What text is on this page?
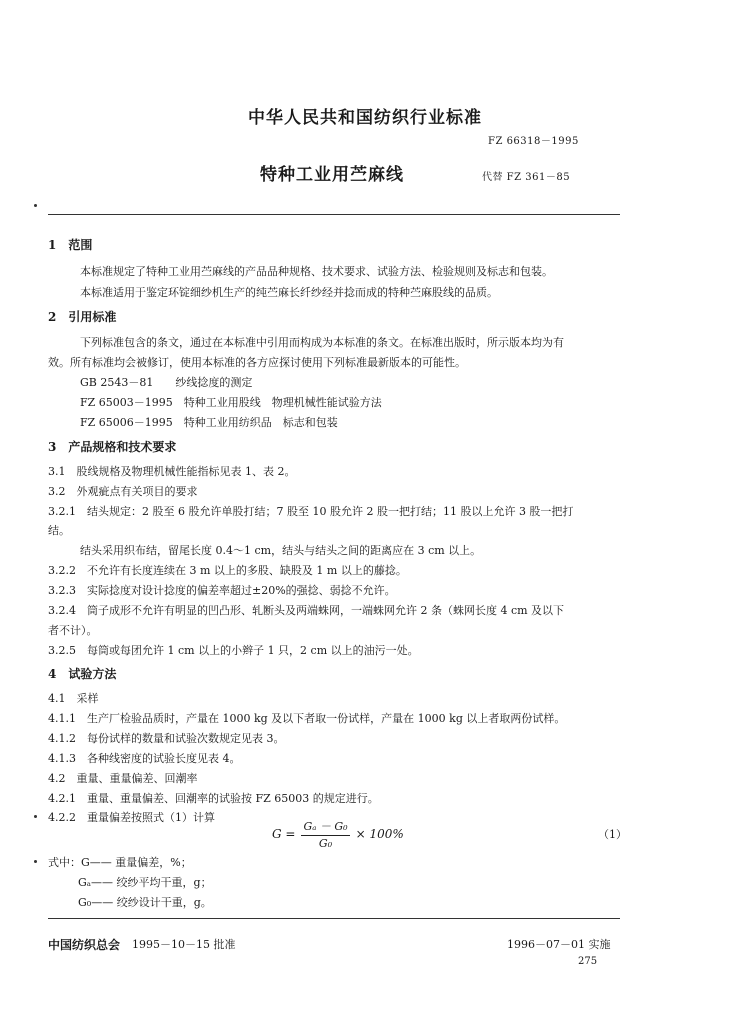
中华人民共和国纺织行业标准
FZ 66318－1995
特种工业用苎麻线	代替 FZ 361－85
1　范围
本标准规定了特种工业用苎麻线的产品品种规格、技术要求、试验方法、检验规则及标志和包装。
本标准适用于鉴定环锭细纱机生产的纯苎麻长纤纱经并捻而成的特种苎麻股线的品质。
2　引用标准
下列标准包含的条文，通过在本标准中引用而构成为本标准的条文。在标准出版时，所示版本均为有
效。所有标准均会被修订，使用本标准的各方应探讨使用下列标准最新版本的可能性。
GB 2543－81　　纱线捻度的测定
FZ 65003－1995　特种工业用股线　物理机械性能试验方法
FZ 65006－1995　特种工业用纺织品　标志和包装
3　产品规格和技术要求
3.1　股线规格及物理机械性能指标见表 1、表 2。
3.2　外观疵点有关项目的要求
3.2.1　结头规定：2 股至 6 股允许单股打结；7 股至 10 股允许 2 股一把打结；11 股以上允许 3 股一把打
结。
结头采用织布结，留尾长度 0.4～1 cm，结头与结头之间的距离应在 3 cm 以上。
3.2.2　不允许有长度连续在 3 m 以上的多股、缺股及 1 m 以上的藤捻。
3.2.3　实际捻度对设计捻度的偏差率超过±20%的强捻、弱捻不允许。
3.2.4　筒子成形不允许有明显的凹凸形、轧断头及两端蛛网，一端蛛网允许 2 条（蛛网长度 4 cm 及以下
者不计）。
3.2.5　每筒或每团允许 1 cm 以上的小辫子 1 只，2 cm 以上的油污一处。
4　试验方法
4.1　采样
4.1.1　生产厂检验品质时，产量在 1000 kg 及以下者取一份试样，产量在 1000 kg 以上者取两份试样。
4.1.2　每份试样的数量和试验次数规定见表 3。
4.1.3　各种线密度的试验长度见表 4。
4.2　重量、重量偏差、回潮率
4.2.1　重量、重量偏差、回潮率的试验按 FZ 65003 的规定进行。
4.2.2　重量偏差按照式（1）计算
$G = \frac{\text{Gₐ － G₀}}{\text{G₀}} \times 100\%$	（1）
式中：G—— 重量偏差，%；
Gₐ—— 绞纱平均干重，g；
G₀—— 绞纱设计干重，g。
中国纺织总会 1995－10－15 批准	1996－07－01 实施
275
